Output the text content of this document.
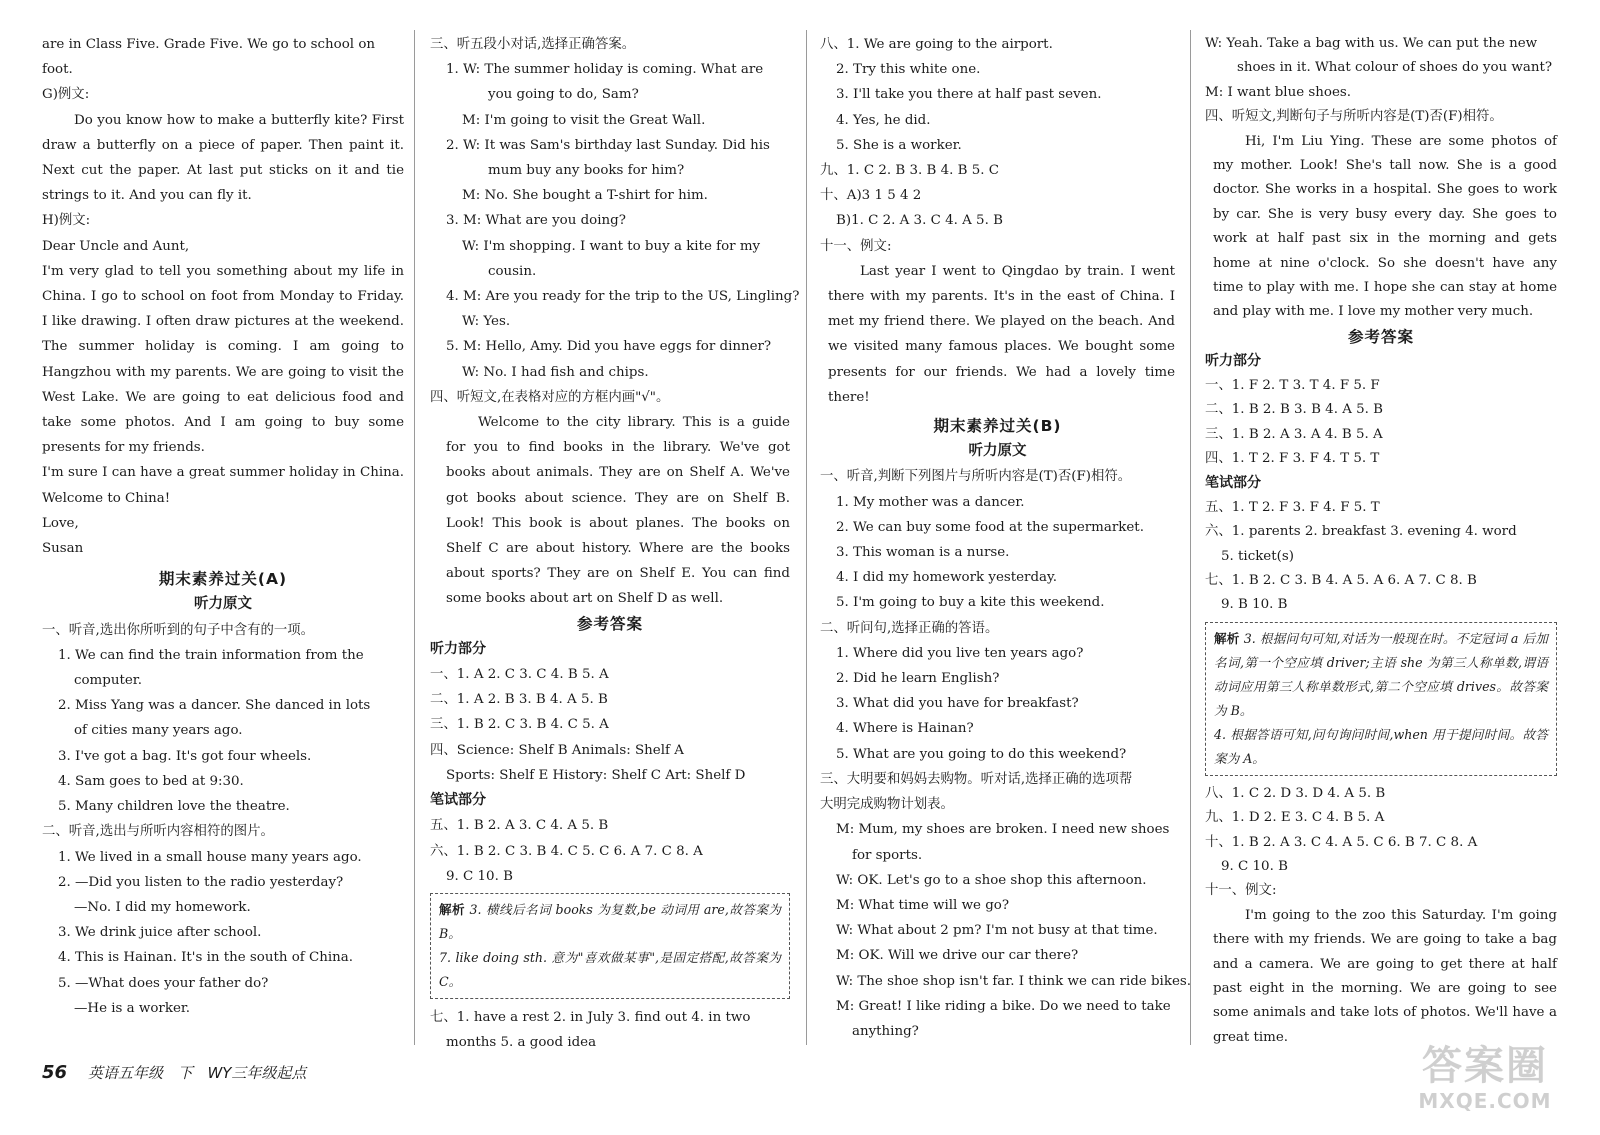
are in Class Five. Grade Five. We go to school on
foot.
G)例文:
Do you know how to make a butterfly kite? First draw a butterfly on a piece of paper. Then paint it. Next cut the paper. At last put sticks on it and tie strings to it. And you can fly it.
H)例文:
Dear Uncle and Aunt,
I'm very glad to tell you something about my life in China. I go to school on foot from Monday to Friday. I like drawing. I often draw pictures at the weekend. The summer holiday is coming. I am going to Hangzhou with my parents. We are going to visit the West Lake. We are going to eat delicious food and take some photos. And I am going to buy some presents for my friends.
I'm sure I can have a great summer holiday in China. Welcome to China!
Love,
Susan
期末素养过关(A)
听力原文
一、听音,选出你所听到的句子中含有的一项。
1. We can find the train information from the
computer.
2. Miss Yang was a dancer. She danced in lots
of cities many years ago.
3. I've got a bag. It's got four wheels.
4. Sam goes to bed at 9:30.
5. Many children love the theatre.
二、听音,选出与所听内容相符的图片。
1. We lived in a small house many years ago.
2. —Did you listen to the radio yesterday?
—No. I did my homework.
3. We drink juice after school.
4. This is Hainan. It's in the south of China.
5. —What does your father do?
—He is a worker.
三、听五段小对话,选择正确答案。
1. W: The summer holiday is coming. What are
you going to do, Sam?
M: I'm going to visit the Great Wall.
2. W: It was Sam's birthday last Sunday. Did his
mum buy any books for him?
M: No. She bought a T-shirt for him.
3. M: What are you doing?
W: I'm shopping. I want to buy a kite for my
cousin.
4. M: Are you ready for the trip to the US, Lingling?
W: Yes.
5. M: Hello, Amy. Did you have eggs for dinner?
W: No. I had fish and chips.
四、听短文,在表格对应的方框内画"√"。
Welcome to the city library. This is a guide for you to find books in the library. We've got books about animals. They are on Shelf A. We've got books about science. They are on Shelf B. Look! This book is about planes. The books on Shelf C are about history. Where are the books about sports? They are on Shelf E. You can find some books about art on Shelf D as well.
参考答案
听力部分
一、1. A 2. C 3. C 4. B 5. A
二、1. A 2. B 3. B 4. A 5. B
三、1. B 2. C 3. B 4. C 5. A
四、Science: Shelf B Animals: Shelf A
Sports: Shelf E History: Shelf C Art: Shelf D
笔试部分
五、1. B 2. A 3. C 4. A 5. B
六、1. B 2. C 3. B 4. C 5. C 6. A 7. C 8. A
9. C 10. B
解析 3. 横线后名词 books 为复数,be 动词用 are,故答案为 B。
7. like doing sth. 意为"喜欢做某事",是固定搭配,故答案为 C。
七、1. have a rest 2. in July 3. find out 4. in two
months 5. a good idea
八、1. We are going to the airport.
2. Try this white one.
3. I'll take you there at half past seven.
4. Yes, he did.
5. She is a worker.
九、1. C 2. B 3. B 4. B 5. C
十、A)3 1 5 4 2
B)1. C 2. A 3. C 4. A 5. B
十一、例文:
Last year I went to Qingdao by train. I went there with my parents. It's in the east of China. I met my friend there. We played on the beach. And we visited many famous places. We bought some presents for our friends. We had a lovely time there!
期末素养过关(B)
听力原文
一、听音,判断下列图片与所听内容是(T)否(F)相符。
1. My mother was a dancer.
2. We can buy some food at the supermarket.
3. This woman is a nurse.
4. I did my homework yesterday.
5. I'm going to buy a kite this weekend.
二、听问句,选择正确的答语。
1. Where did you live ten years ago?
2. Did he learn English?
3. What did you have for breakfast?
4. Where is Hainan?
5. What are you going to do this weekend?
三、大明要和妈妈去购物。听对话,选择正确的选项帮
大明完成购物计划表。
M: Mum, my shoes are broken. I need new shoes
for sports.
W: OK. Let's go to a shoe shop this afternoon.
M: What time will we go?
W: What about 2 pm? I'm not busy at that time.
M: OK. Will we drive our car there?
W: The shoe shop isn't far. I think we can ride bikes.
M: Great! I like riding a bike. Do we need to take
anything?
W: Yeah. Take a bag with us. We can put the new
shoes in it. What colour of shoes do you want?
M: I want blue shoes.
四、听短文,判断句子与所听内容是(T)否(F)相符。
Hi, I'm Liu Ying. These are some photos of my mother. Look! She's tall now. She is a good doctor. She works in a hospital. She goes to work by car. She is very busy every day. She goes to work at half past six in the morning and gets home at nine o'clock. So she doesn't have any time to play with me. I hope she can stay at home and play with me. I love my mother very much.
参考答案
听力部分
一、1. F 2. T 3. T 4. F 5. F
二、1. B 2. B 3. B 4. A 5. B
三、1. B 2. A 3. A 4. B 5. A
四、1. T 2. F 3. F 4. T 5. T
笔试部分
五、1. T 2. F 3. F 4. F 5. T
六、1. parents 2. breakfast 3. evening 4. word
5. ticket(s)
七、1. B 2. C 3. B 4. A 5. A 6. A 7. C 8. B
9. B 10. B
解析 3. 根据问句可知,对话为一般现在时。不定冠词 a 后加名词,第一个空应填 driver;主语 she 为第三人称单数,谓语动词应用第三人称单数形式,第二个空应填 drives。故答案为 B。
4. 根据答语可知,问句询问时间,when 用于提问时间。故答案为 A。
八、1. C 2. D 3. D 4. A 5. B
九、1. D 2. E 3. C 4. B 5. A
十、1. B 2. A 3. C 4. A 5. C 6. B 7. C 8. A
9. C 10. B
十一、例文:
I'm going to the zoo this Saturday. I'm going there with my friends. We are going to take a bag and a camera. We are going to get there at half past eight in the morning. We are going to see some animals and take lots of photos. We'll have a great time.
56 英语五年级 下 WY三年级起点	答案圈
MXQE.COM
